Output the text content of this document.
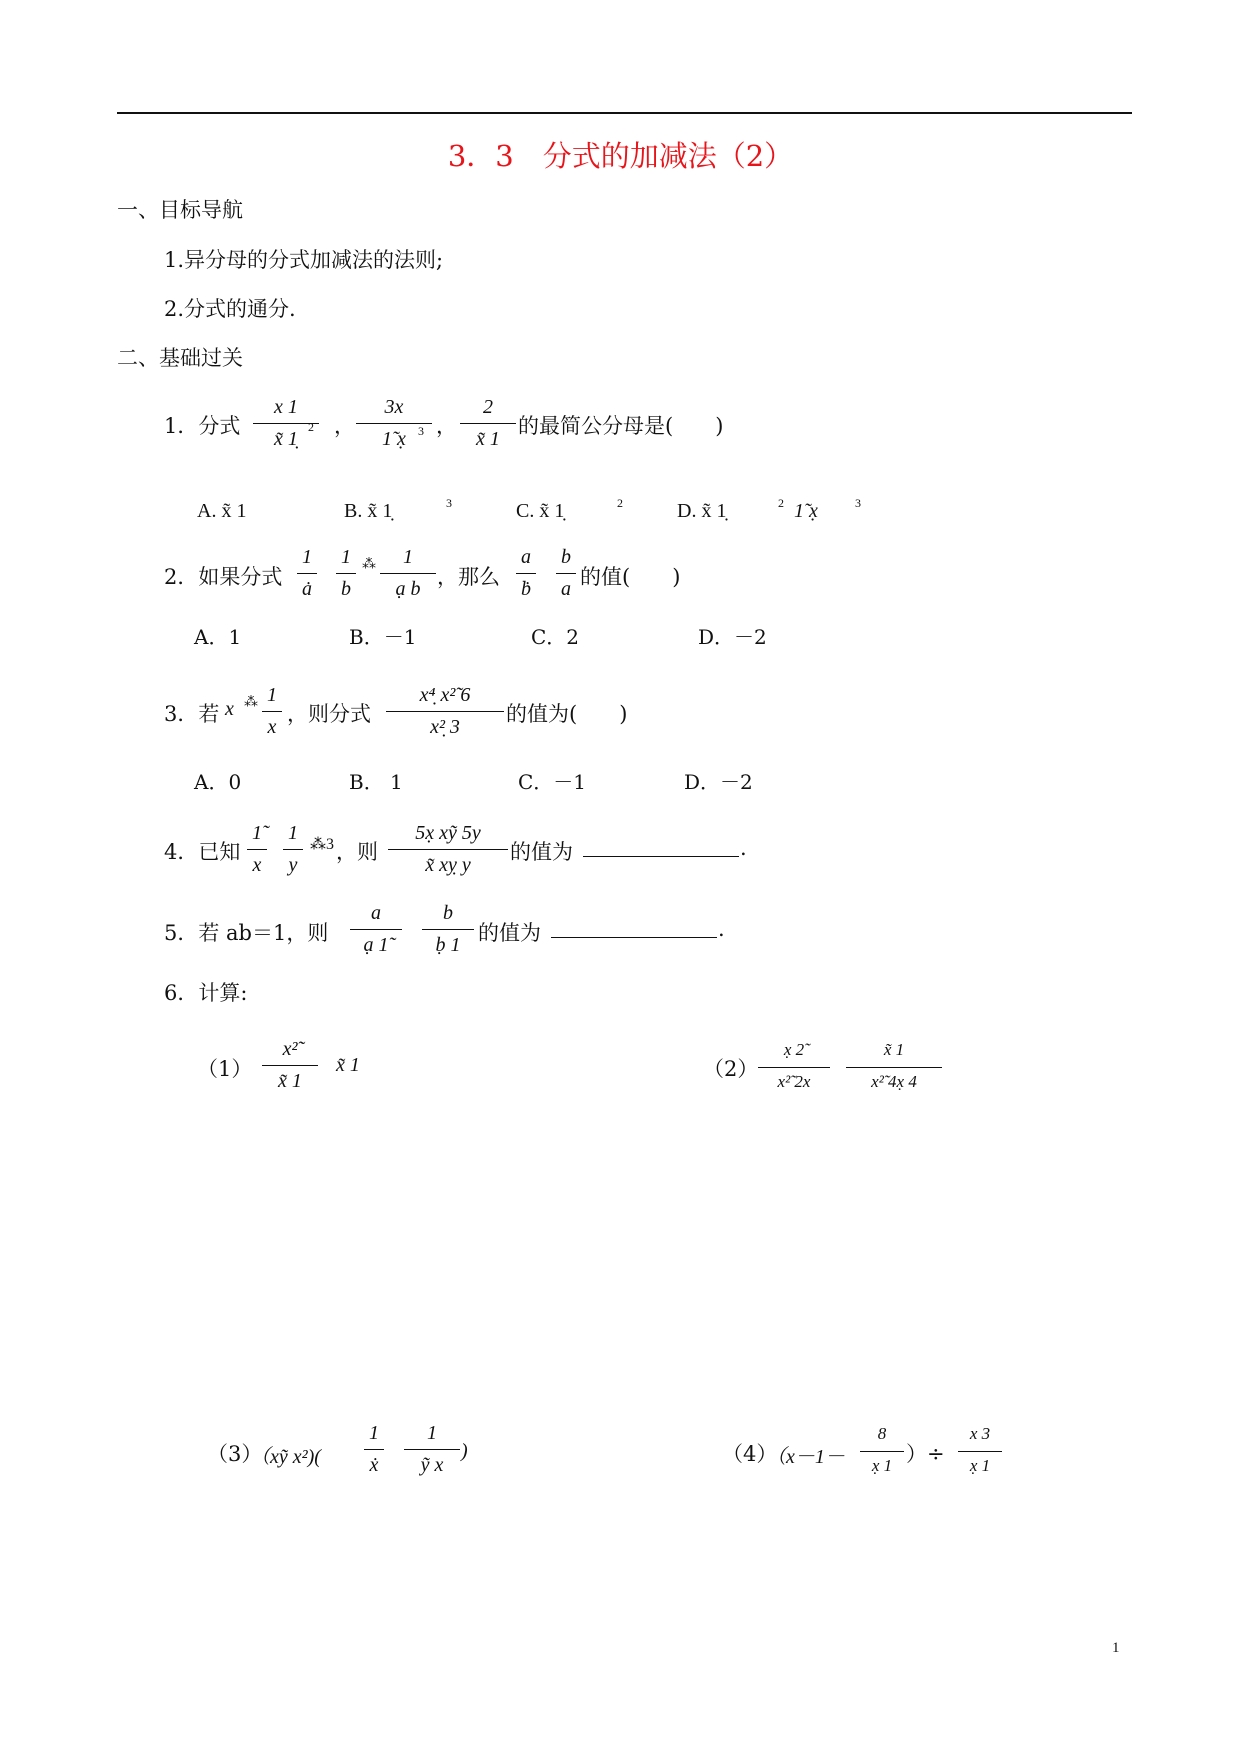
3．3　分式的加减法（2）
一、目标导航
1.异分母的分式加减法的法则;
2.分式的通分.
二、基础过关
1．分式
x 1
x̃ 1̣
2 ，
3x
1̃ x̣	3 ，
2
x̃ 1
的最简公分母是(　　)
A. x̃ 1	B. x̃ 1̣	3	C. x̃ 1̣	2	D. x̃ 1̣	2 1̃ x̣	3
2．如果分式
1
ȧ
1
b
⁂	1
ạ b ，那么
a
ḃ
b
a 的值(　　)
A．1	B．－1	C．2	D．－2
3．若 x ⁂ 1
x
，则分式
x⁴̣ x²̃ 6
x²̣ 3
的值为(　　)
A．0	B． 1	C．－1	D．－2
4．已知
1̃
x
1
y
⁂3 ，则
5x̣ xỹ 5y
x̃ xỵ y
的值为	.
5．若 ab＝1，则
a
ạ 1̃
b
ḅ 1 的值为	.
6．计算:
（1）
x²̃
x̃ 1
x̃ 1	（2）
x̣ 2̃
x²̃ 2x
x̃ 1
x²̃ 4x̣ 4
（3）
（xỹ x²)(
1
ẋ
1
ỹ x
)	（4）
（x－1－
8
x̣ 1 ）÷
x 3
x̣ 1
1
